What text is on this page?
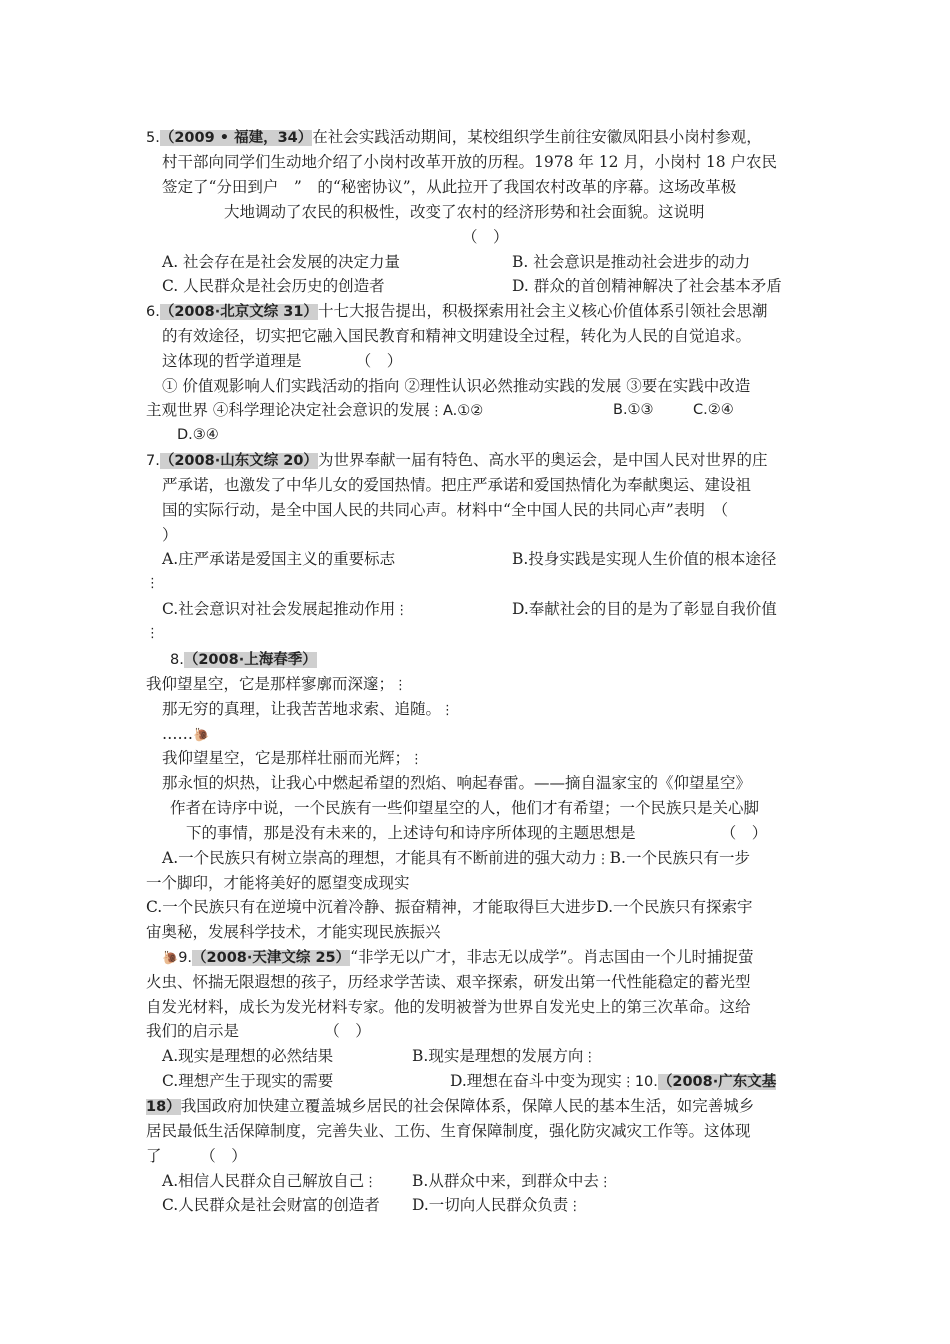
5.（2009 • 福建，34）在社会实践活动期间，某校组织学生前往安徽凤阳县小岗村参观，
村干部向同学们生动地介绍了小岗村改革开放的历程。1978 年 12 月，小岗村 18 户农民
签定了“分田到户　”　的“秘密协议”，从此拉开了我国农村改革的序幕。这场改革极
大地调动了农民的积极性，改变了农村的经济形势和社会面貌。这说明
（　）
A. 社会存在是社会发展的决定力量	B. 社会意识是推动社会进步的动力
C. 人民群众是社会历史的创造者	D. 群众的首创精神解决了社会基本矛盾
6.（2008·北京文综 31）十七大报告提出，积极探索用社会主义核心价值体系引领社会思潮
的有效途径，切实把它融入国民教育和精神文明建设全过程，转化为人民的自觉追求。
这体现的哲学道理是　　　　（　）
① 价值观影响人们实践活动的指向 ②理性认识必然推动实践的发展 ③要在实践中改造
主观世界 ④科学理论决定社会意识的发展⋮A.①②	B.①③	C.②④
D.③④
7.（2008·山东文综 20）为世界奉献一届有特色、高水平的奥运会，是中国人民对世界的庄
严承诺，也激发了中华儿女的爱国热情。把庄严承诺和爱国热情化为奉献奥运、建设祖
国的实际行动，是全中国人民的共同心声。材料中“全中国人民的共同心声”表明　（
）
A.庄严承诺是爱国主义的重要标志	B.投身实践是实现人生价值的根本途径
⋮
C.社会意识对社会发展起推动作用⋮	D.奉献社会的目的是为了彰显自我价值
⋮
8.（2008·上海春季）
我仰望星空，它是那样寥廓而深邃；⋮
那无穷的真理，让我苦苦地求索、追随。⋮
……🐌
我仰望星空，它是那样壮丽而光辉；⋮
那永恒的炽热，让我心中燃起希望的烈焰、响起春雷。——摘自温家宝的《仰望星空》
作者在诗序中说，一个民族有一些仰望星空的人，他们才有希望；一个民族只是关心脚
下的事情，那是没有未来的，上述诗句和诗序所体现的主题思想是　　　　　　（　）
A.一个民族只有树立崇高的理想，才能具有不断前进的强大动力⋮B.一个民族只有一步
一个脚印，才能将美好的愿望变成现实
C.一个民族只有在逆境中沉着冷静、振奋精神，才能取得巨大进步D.一个民族只有探索宇
宙奥秘，发展科学技术，才能实现民族振兴
🐌9.（2008·天津文综 25）“非学无以广才，非志无以成学”。肖志国由一个儿时捕捉萤
火虫、怀揣无限遐想的孩子，历经求学苦读、艰辛探索，研发出第一代性能稳定的蓄光型
自发光材料，成长为发光材料专家。他的发明被誉为世界自发光史上的第三次革命。这给
我们的启示是　　　　　　（　）
A.现实是理想的必然结果	B.现实是理想的发展方向⋮
C.理想产生于现实的需要	D.理想在奋斗中变为现实⋮10.（2008·广东文基
18）我国政府加快建立覆盖城乡居民的社会保障体系，保障人民的基本生活，如完善城乡
居民最低生活保障制度，完善失业、工伤、生育保障制度，强化防灾减灾工作等。这体现
了　　　（　）
A.相信人民群众自己解放自己⋮ B.从群众中来，到群众中去⋮
C.人民群众是社会财富的创造者 D.一切向人民群众负责⋮
